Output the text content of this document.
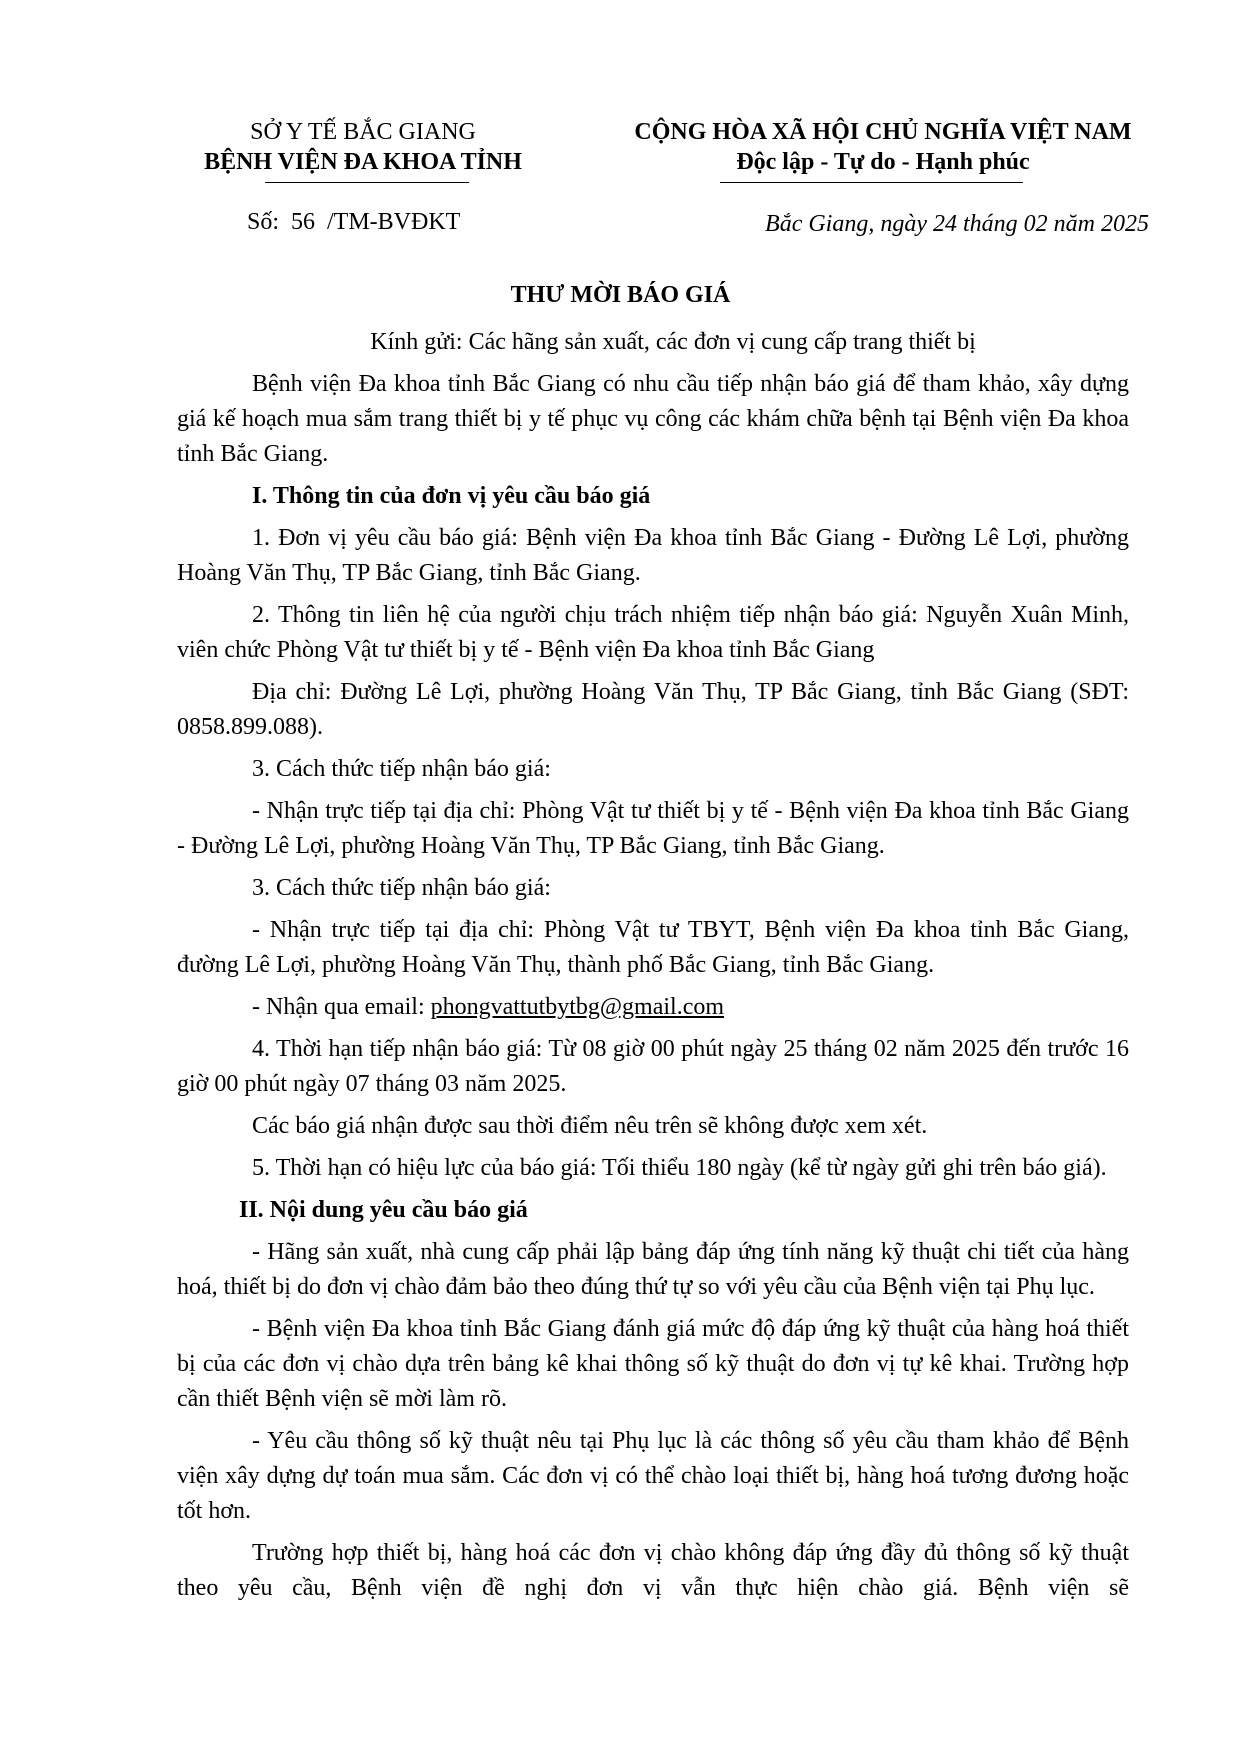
SỞ Y TẾ BẮC GIANG
BỆNH VIỆN ĐA KHOA TỈNH
CỘNG HÒA XÃ HỘI CHỦ NGHĨA VIỆT NAM
Độc lập - Tự do - Hạnh phúc
Số:  56  /TM-BVĐKT	Bắc Giang, ngày 24 tháng 02 năm 2025
THƯ MỜI BÁO GIÁ

Kính gửi: Các hãng sản xuất, các đơn vị cung cấp trang thiết bị

Bệnh viện Đa khoa tỉnh Bắc Giang có nhu cầu tiếp nhận báo giá để tham khảo, xây dựng giá kế hoạch mua sắm trang thiết bị y tế phục vụ công các khám chữa bệnh tại Bệnh viện Đa khoa tỉnh Bắc Giang.

I. Thông tin của đơn vị yêu cầu báo giá

1. Đơn vị yêu cầu báo giá: Bệnh viện Đa khoa tỉnh Bắc Giang - Đường Lê Lợi, phường Hoàng Văn Thụ, TP Bắc Giang, tỉnh Bắc Giang.

2. Thông tin liên hệ của người chịu trách nhiệm tiếp nhận báo giá: Nguyễn Xuân Minh, viên chức Phòng Vật tư thiết bị y tế - Bệnh viện Đa khoa tỉnh Bắc Giang

Địa chỉ: Đường Lê Lợi, phường Hoàng Văn Thụ, TP Bắc Giang, tỉnh Bắc Giang (SĐT: 0858.899.088).

3. Cách thức tiếp nhận báo giá:

- Nhận trực tiếp tại địa chỉ: Phòng Vật tư thiết bị y tế - Bệnh viện Đa khoa tỉnh Bắc Giang - Đường Lê Lợi, phường Hoàng Văn Thụ, TP Bắc Giang, tỉnh Bắc Giang.

3. Cách thức tiếp nhận báo giá:

- Nhận trực tiếp tại địa chỉ: Phòng Vật tư TBYT, Bệnh viện Đa khoa tỉnh Bắc Giang, đường Lê Lợi, phường Hoàng Văn Thụ, thành phố Bắc Giang, tỉnh Bắc Giang.

- Nhận qua email: phongvattutbytbg@gmail.com

4. Thời hạn tiếp nhận báo giá: Từ 08 giờ 00 phút ngày 25 tháng 02 năm 2025 đến trước 16 giờ 00 phút ngày 07 tháng 03 năm 2025.

Các báo giá nhận được sau thời điểm nêu trên sẽ không được xem xét.

5. Thời hạn có hiệu lực của báo giá: Tối thiểu 180 ngày (kể từ ngày gửi ghi trên báo giá).

II. Nội dung yêu cầu báo giá

- Hãng sản xuất, nhà cung cấp phải lập bảng đáp ứng tính năng kỹ thuật chi tiết của hàng hoá, thiết bị do đơn vị chào đảm bảo theo đúng thứ tự so với yêu cầu của Bệnh viện tại Phụ lục.

- Bệnh viện Đa khoa tỉnh Bắc Giang đánh giá mức độ đáp ứng kỹ thuật của hàng hoá thiết bị của các đơn vị chào dựa trên bảng kê khai thông số kỹ thuật do đơn vị tự kê khai. Trường hợp cần thiết Bệnh viện sẽ mời làm rõ.

- Yêu cầu thông số kỹ thuật nêu tại Phụ lục là các thông số yêu cầu tham khảo để Bệnh viện xây dựng dự toán mua sắm. Các đơn vị có thể chào loại thiết bị, hàng hoá tương đương hoặc tốt hơn.

Trường hợp thiết bị, hàng hoá các đơn vị chào không đáp ứng đầy đủ thông số kỹ thuật theo yêu cầu, Bệnh viện đề nghị đơn vị vẫn thực hiện chào giá. Bệnh viện sẽ
